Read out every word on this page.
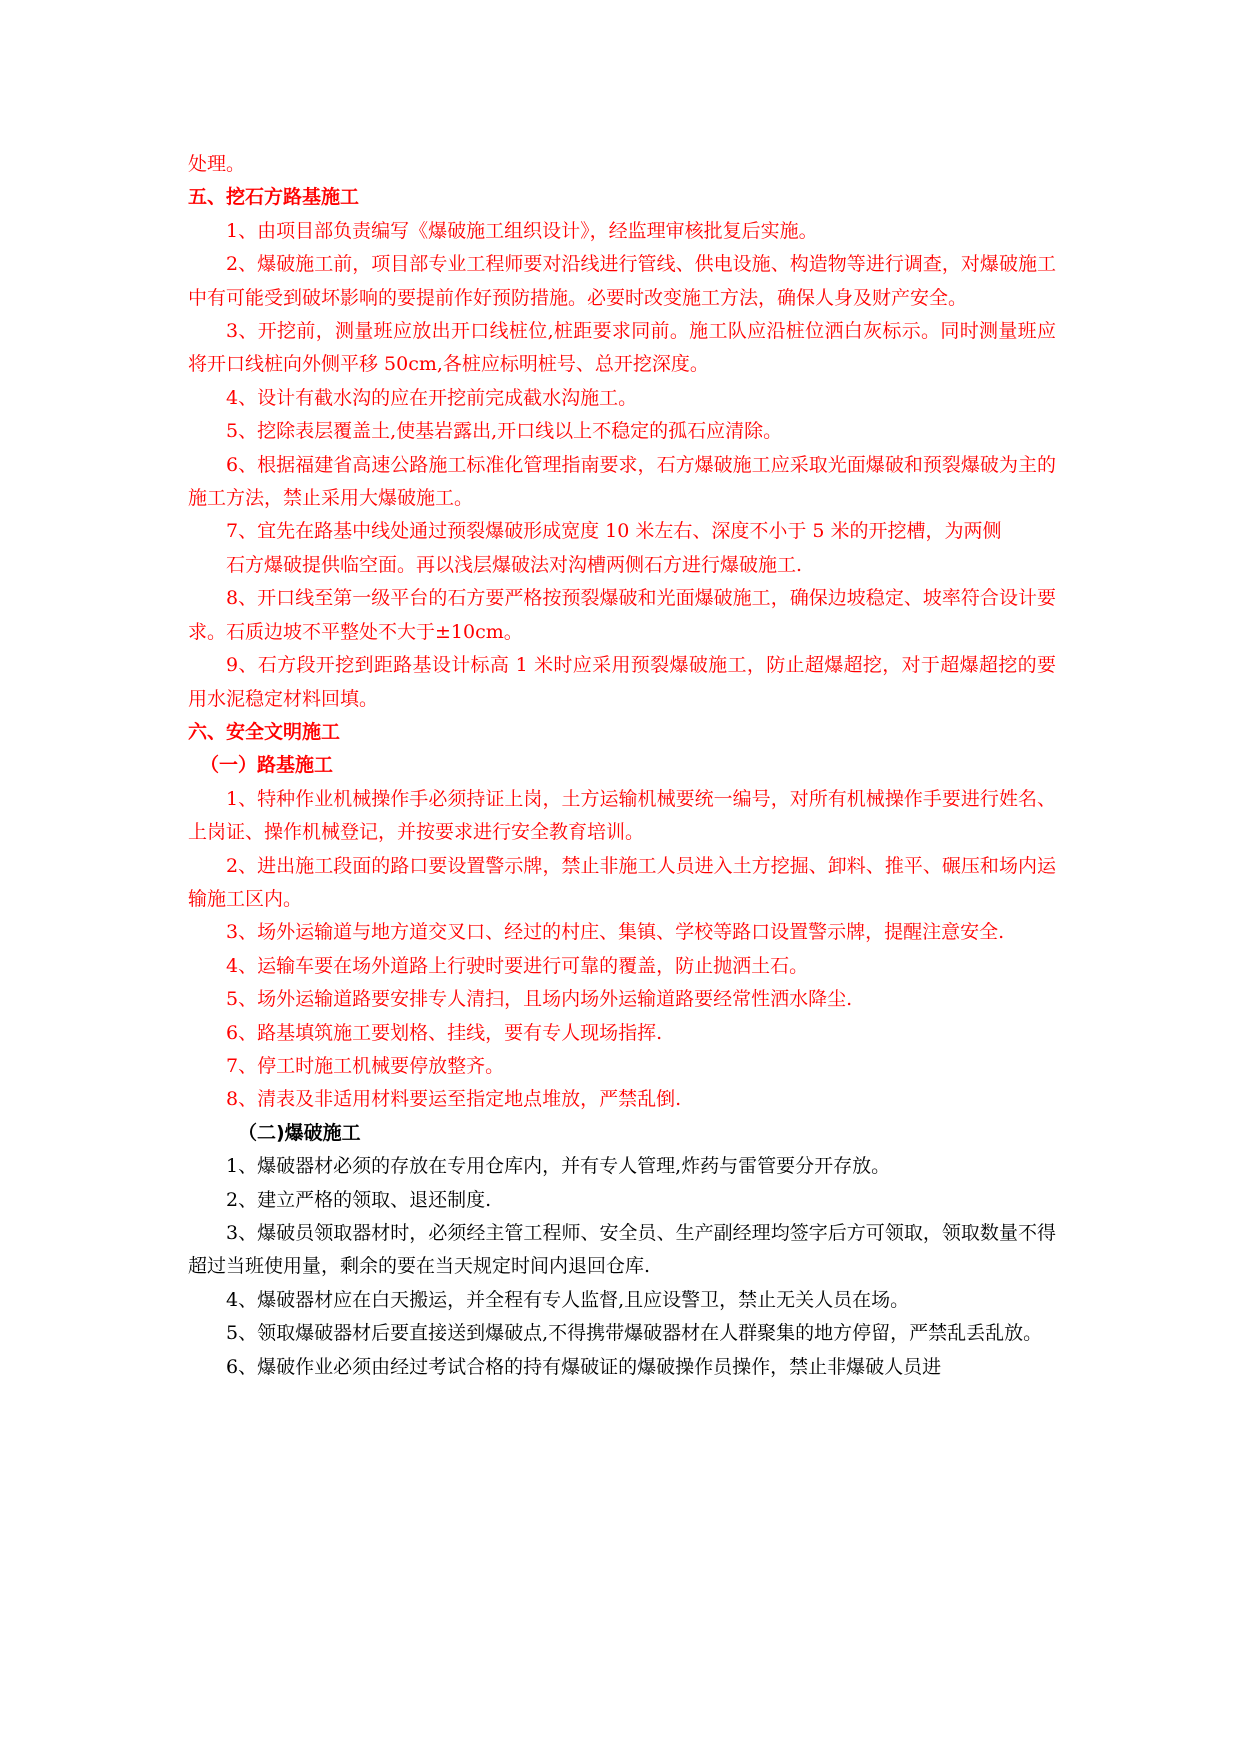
处理。

五、挖石方路基施工

1、由项目部负责编写《爆破施工组织设计》，经监理审核批复后实施。

2、爆破施工前，项目部专业工程师要对沿线进行管线、供电设施、构造物等进行调查，对爆破施工中有可能受到破坏影响的要提前作好预防措施。必要时改变施工方法，确保人身及财产安全。

3、开挖前，测量班应放出开口线桩位,桩距要求同前。施工队应沿桩位洒白灰标示。同时测量班应将开口线桩向外侧平移 50cm,各桩应标明桩号、总开挖深度。

4、设计有截水沟的应在开挖前完成截水沟施工。

5、挖除表层覆盖土,使基岩露出,开口线以上不稳定的孤石应清除。

6、根据福建省高速公路施工标准化管理指南要求，石方爆破施工应采取光面爆破和预裂爆破为主的施工方法，禁止采用大爆破施工。

7、宜先在路基中线处通过预裂爆破形成宽度 10 米左右、深度不小于 5 米的开挖槽，为两侧

石方爆破提供临空面。再以浅层爆破法对沟槽两侧石方进行爆破施工.

8、开口线至第一级平台的石方要严格按预裂爆破和光面爆破施工，确保边坡稳定、坡率符合设计要求。石质边坡不平整处不大于±10cm。

9、石方段开挖到距路基设计标高 1 米时应采用预裂爆破施工，防止超爆超挖，对于超爆超挖的要用水泥稳定材料回填。

六、安全文明施工

（一）路基施工

1、特种作业机械操作手必须持证上岗，土方运输机械要统一编号，对所有机械操作手要进行姓名、上岗证、操作机械登记，并按要求进行安全教育培训。

2、进出施工段面的路口要设置警示牌，禁止非施工人员进入土方挖掘、卸料、推平、碾压和场内运输施工区内。

3、场外运输道与地方道交叉口、经过的村庄、集镇、学校等路口设置警示牌，提醒注意安全.

4、运输车要在场外道路上行驶时要进行可靠的覆盖，防止抛洒土石。

5、场外运输道路要安排专人清扫，且场内场外运输道路要经常性洒水降尘.

6、路基填筑施工要划格、挂线，要有专人现场指挥.

7、停工时施工机械要停放整齐。

8、清表及非适用材料要运至指定地点堆放，严禁乱倒.

（二)爆破施工

1、爆破器材必须的存放在专用仓库内，并有专人管理,炸药与雷管要分开存放。

2、建立严格的领取、退还制度.

3、爆破员领取器材时，必须经主管工程师、安全员、生产副经理均签字后方可领取，领取数量不得超过当班使用量，剩余的要在当天规定时间内退回仓库.

4、爆破器材应在白天搬运，并全程有专人监督,且应设警卫，禁止无关人员在场。

5、领取爆破器材后要直接送到爆破点,不得携带爆破器材在人群聚集的地方停留，严禁乱丢乱放。

6、爆破作业必须由经过考试合格的持有爆破证的爆破操作员操作，禁止非爆破人员进
